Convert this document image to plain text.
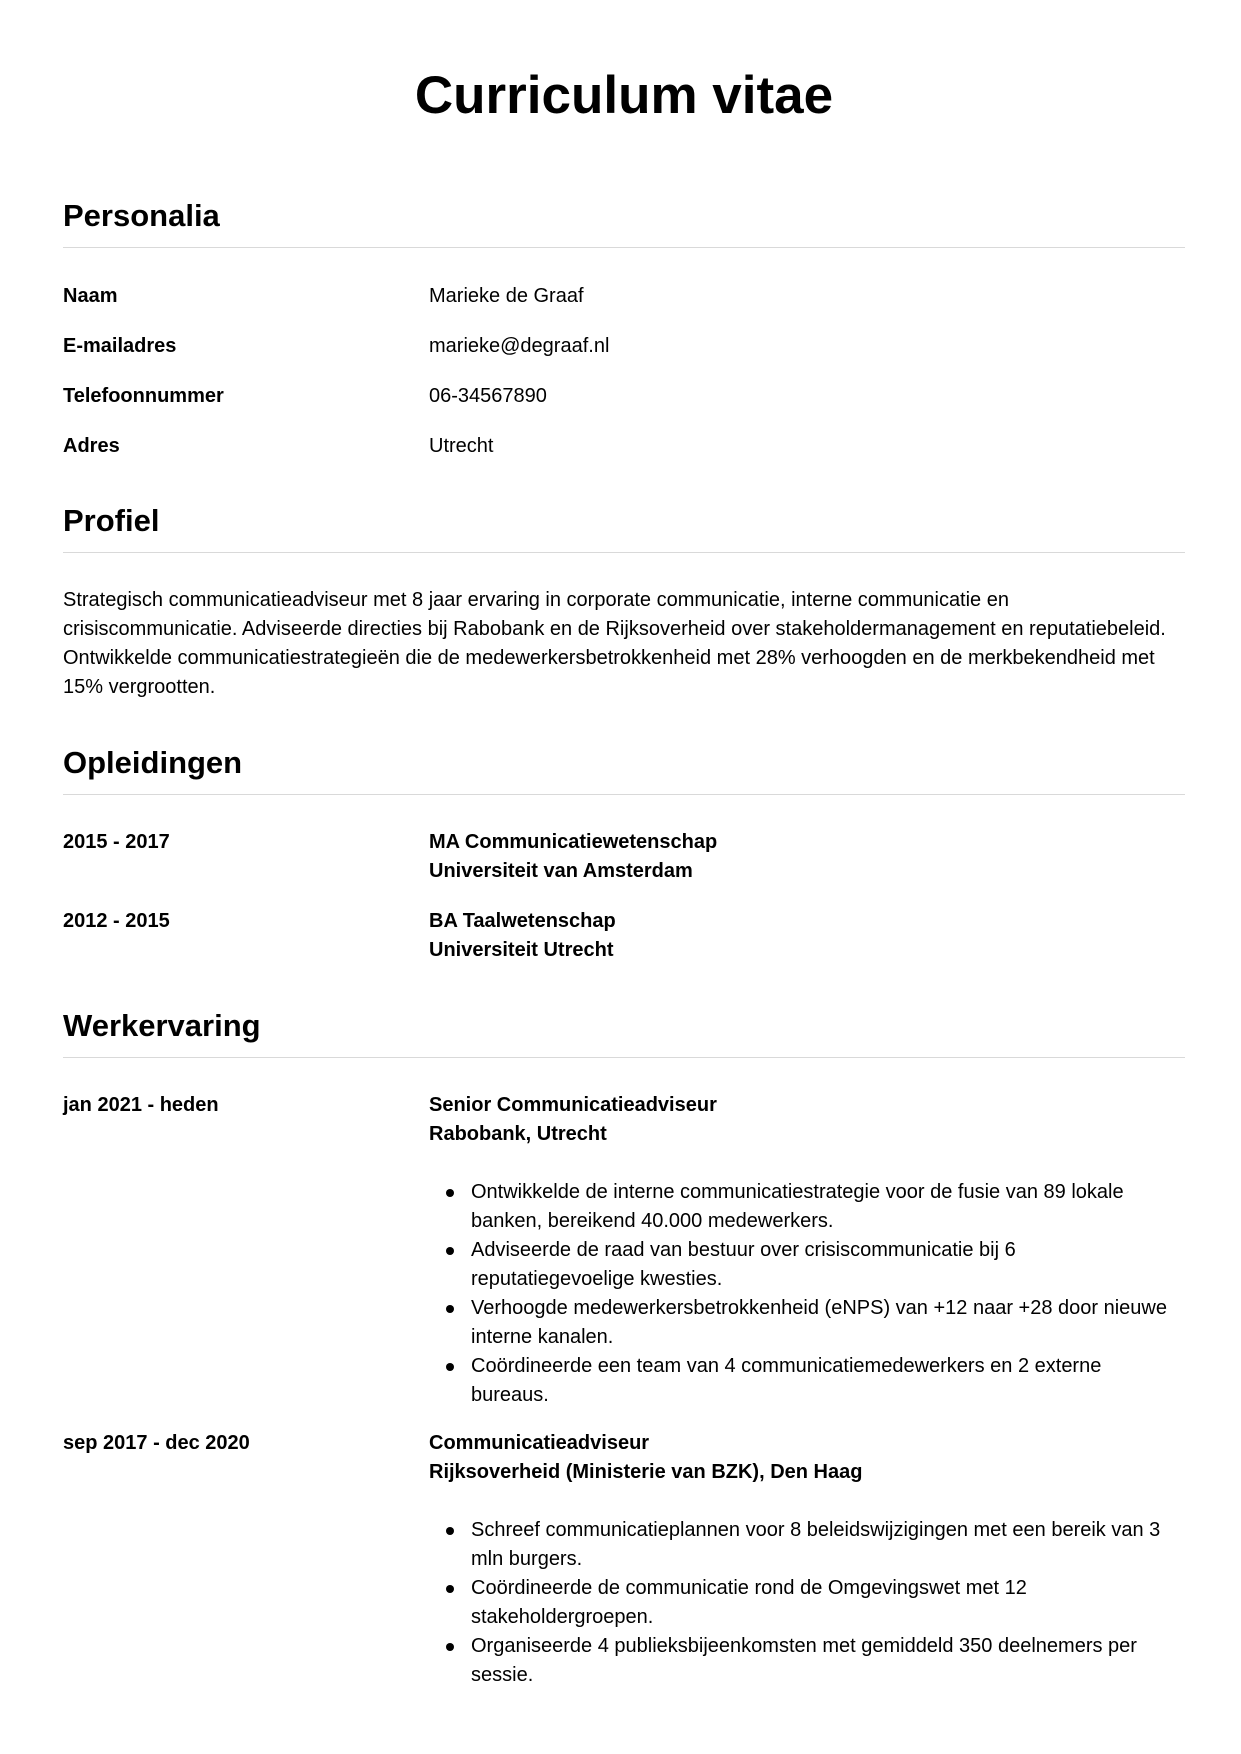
Curriculum vitae
Personalia
Naam	Marieke de Graaf
E-mailadres	marieke@degraaf.nl
Telefoonnummer	06-34567890
Adres	Utrecht
Profiel

Strategisch communicatieadviseur met 8 jaar ervaring in corporate communicatie, interne communicatie en crisiscommunicatie. Adviseerde directies bij Rabobank en de Rijksoverheid over stakeholdermanagement en reputatiebeleid. Ontwikkelde communicatiestrategieën die de medewerkersbetrokkenheid met 28% verhoogden en de merkbekendheid met 15% vergrootten.

Opleidingen
2015 - 2017	MA Communicatiewetenschap
Universiteit van Amsterdam
2012 - 2015	BA Taalwetenschap
Universiteit Utrecht
Werkervaring
jan 2021 - heden	Senior Communicatieadviseur
Rabobank, Utrecht
Ontwikkelde de interne communicatiestrategie voor de fusie van 89 lokale banken, bereikend 40.000 medewerkers.
Adviseerde de raad van bestuur over crisiscommunicatie bij 6 reputatiegevoelige kwesties.
Verhoogde medewerkersbetrokkenheid (eNPS) van +12 naar +28 door nieuwe interne kanalen.
Coördineerde een team van 4 communicatiemedewerkers en 2 externe bureaus.
sep 2017 - dec 2020	Communicatieadviseur
Rijksoverheid (Ministerie van BZK), Den Haag
Schreef communicatieplannen voor 8 beleidswijzigingen met een bereik van 3 mln burgers.
Coördineerde de communicatie rond de Omgevingswet met 12 stakeholdergroepen.
Organiseerde 4 publieksbijeenkomsten met gemiddeld 350 deelnemers per sessie.
